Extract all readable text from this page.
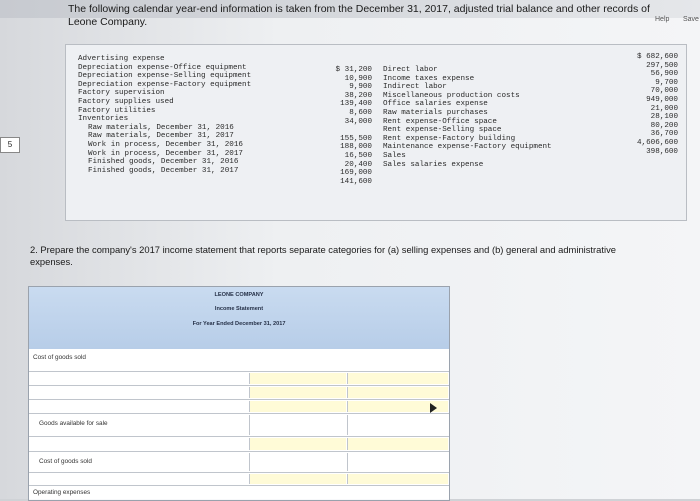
The following calendar year-end information is taken from the December 31, 2017, adjusted trial balance and other records of Leone Company.	Help Save
5
Advertising expense
Depreciation expense-Office equipment
Depreciation expense-Selling equipment
Depreciation expense-Factory equipment
Factory supervision
Factory supplies used
Factory utilities
Inventories
Raw materials, December 31, 2016
Raw materials, December 31, 2017
Work in process, December 31, 2016
Work in process, December 31, 2017
Finished goods, December 31, 2016
Finished goods, December 31, 2017
$ 31,200
10,900
9,900
38,200
139,400
8,600
34,000

155,500
188,000
16,500
20,400
169,000
141,600
Direct labor
Income taxes expense
Indirect labor
Miscellaneous production costs
Office salaries expense
Raw materials purchases
Rent expense-Office space
Rent expense-Selling space
Rent expense-Factory building
Maintenance expense-Factory equipment
Sales
Sales salaries expense
$ 682,600
297,500
56,900
9,700
70,000
949,000
21,000
28,100
80,200
36,700
4,606,600
398,600
2. Prepare the company's 2017 income statement that reports separate categories for (a) selling expenses and (b) general and administrative expenses.
LEONE COMPANY
Income Statement
For Year Ended December 31, 2017
Cost of goods sold
Goods available for sale
Cost of goods sold
Operating expenses
